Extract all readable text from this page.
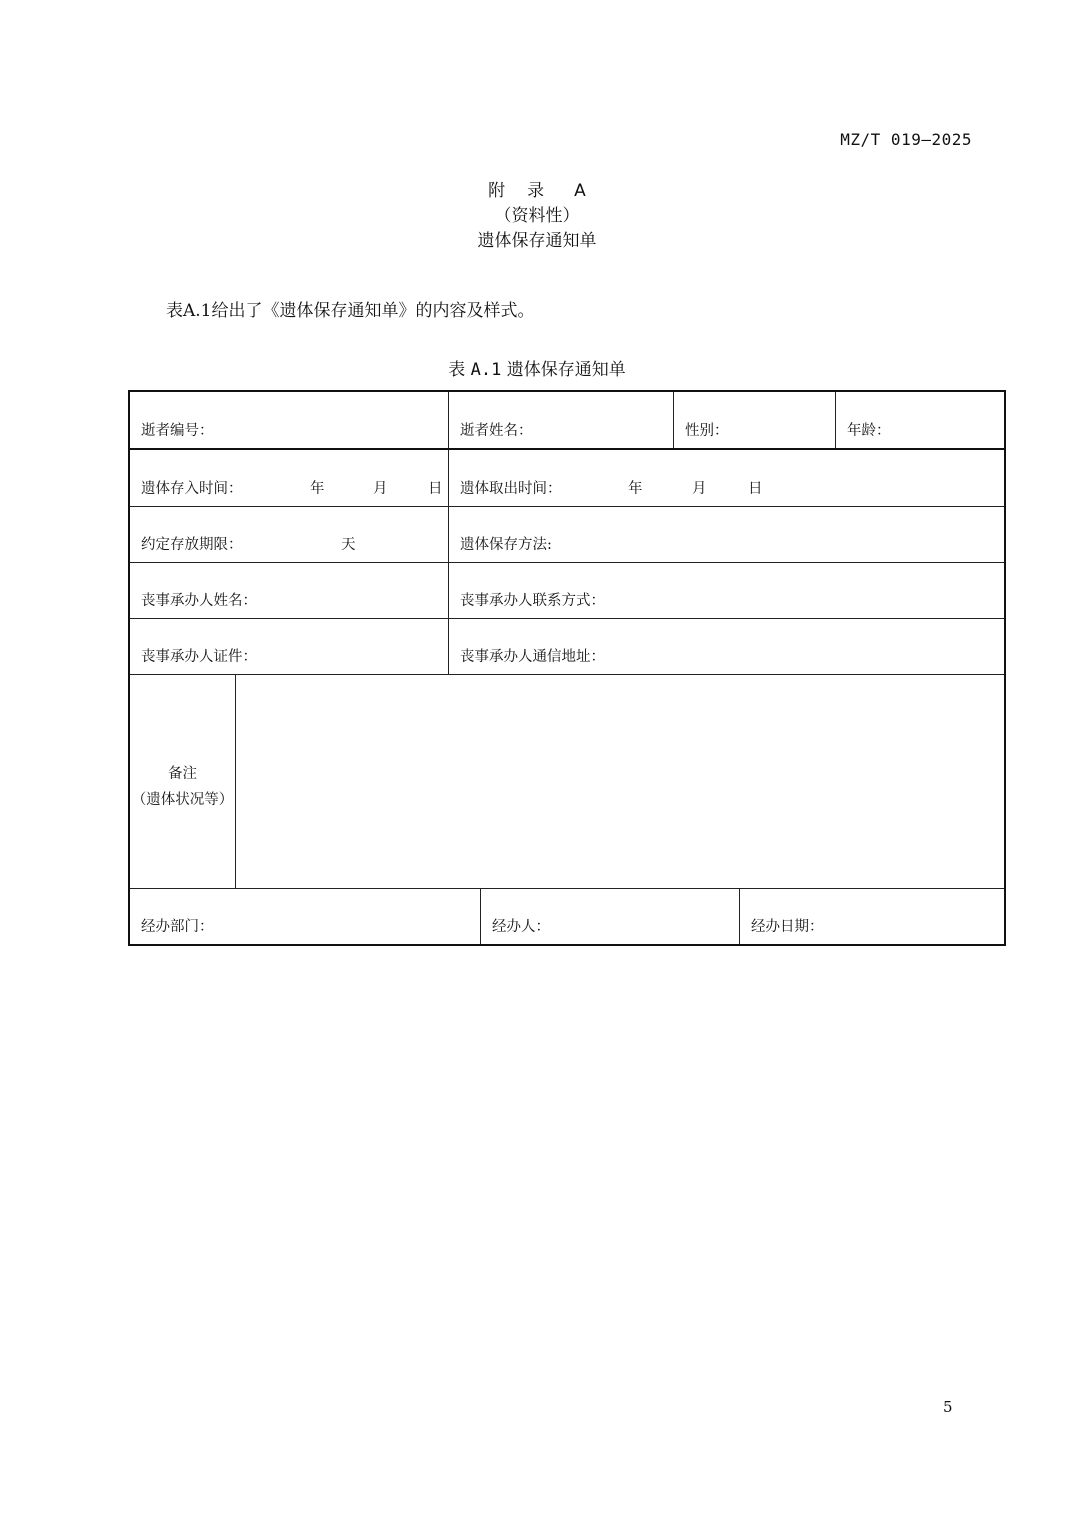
MZ/T 019—2025
附 录 A
（资料性）
遗体保存通知单
表A.1给出了《遗体保存通知单》的内容及样式。
表 A.1 遗体保存通知单
逝者编号：	逝者姓名：	性别：	年龄：
遗体存入时间：	年	月	日 遗体取出时间：	年	月	日
约定存放期限：	天	遗体保存方法:
丧事承办人姓名：	丧事承办人联系方式：
丧事承办人证件：	丧事承办人通信地址：
备注
（遗体状况等）
经办部门：	经办人：	经办日期：
5
